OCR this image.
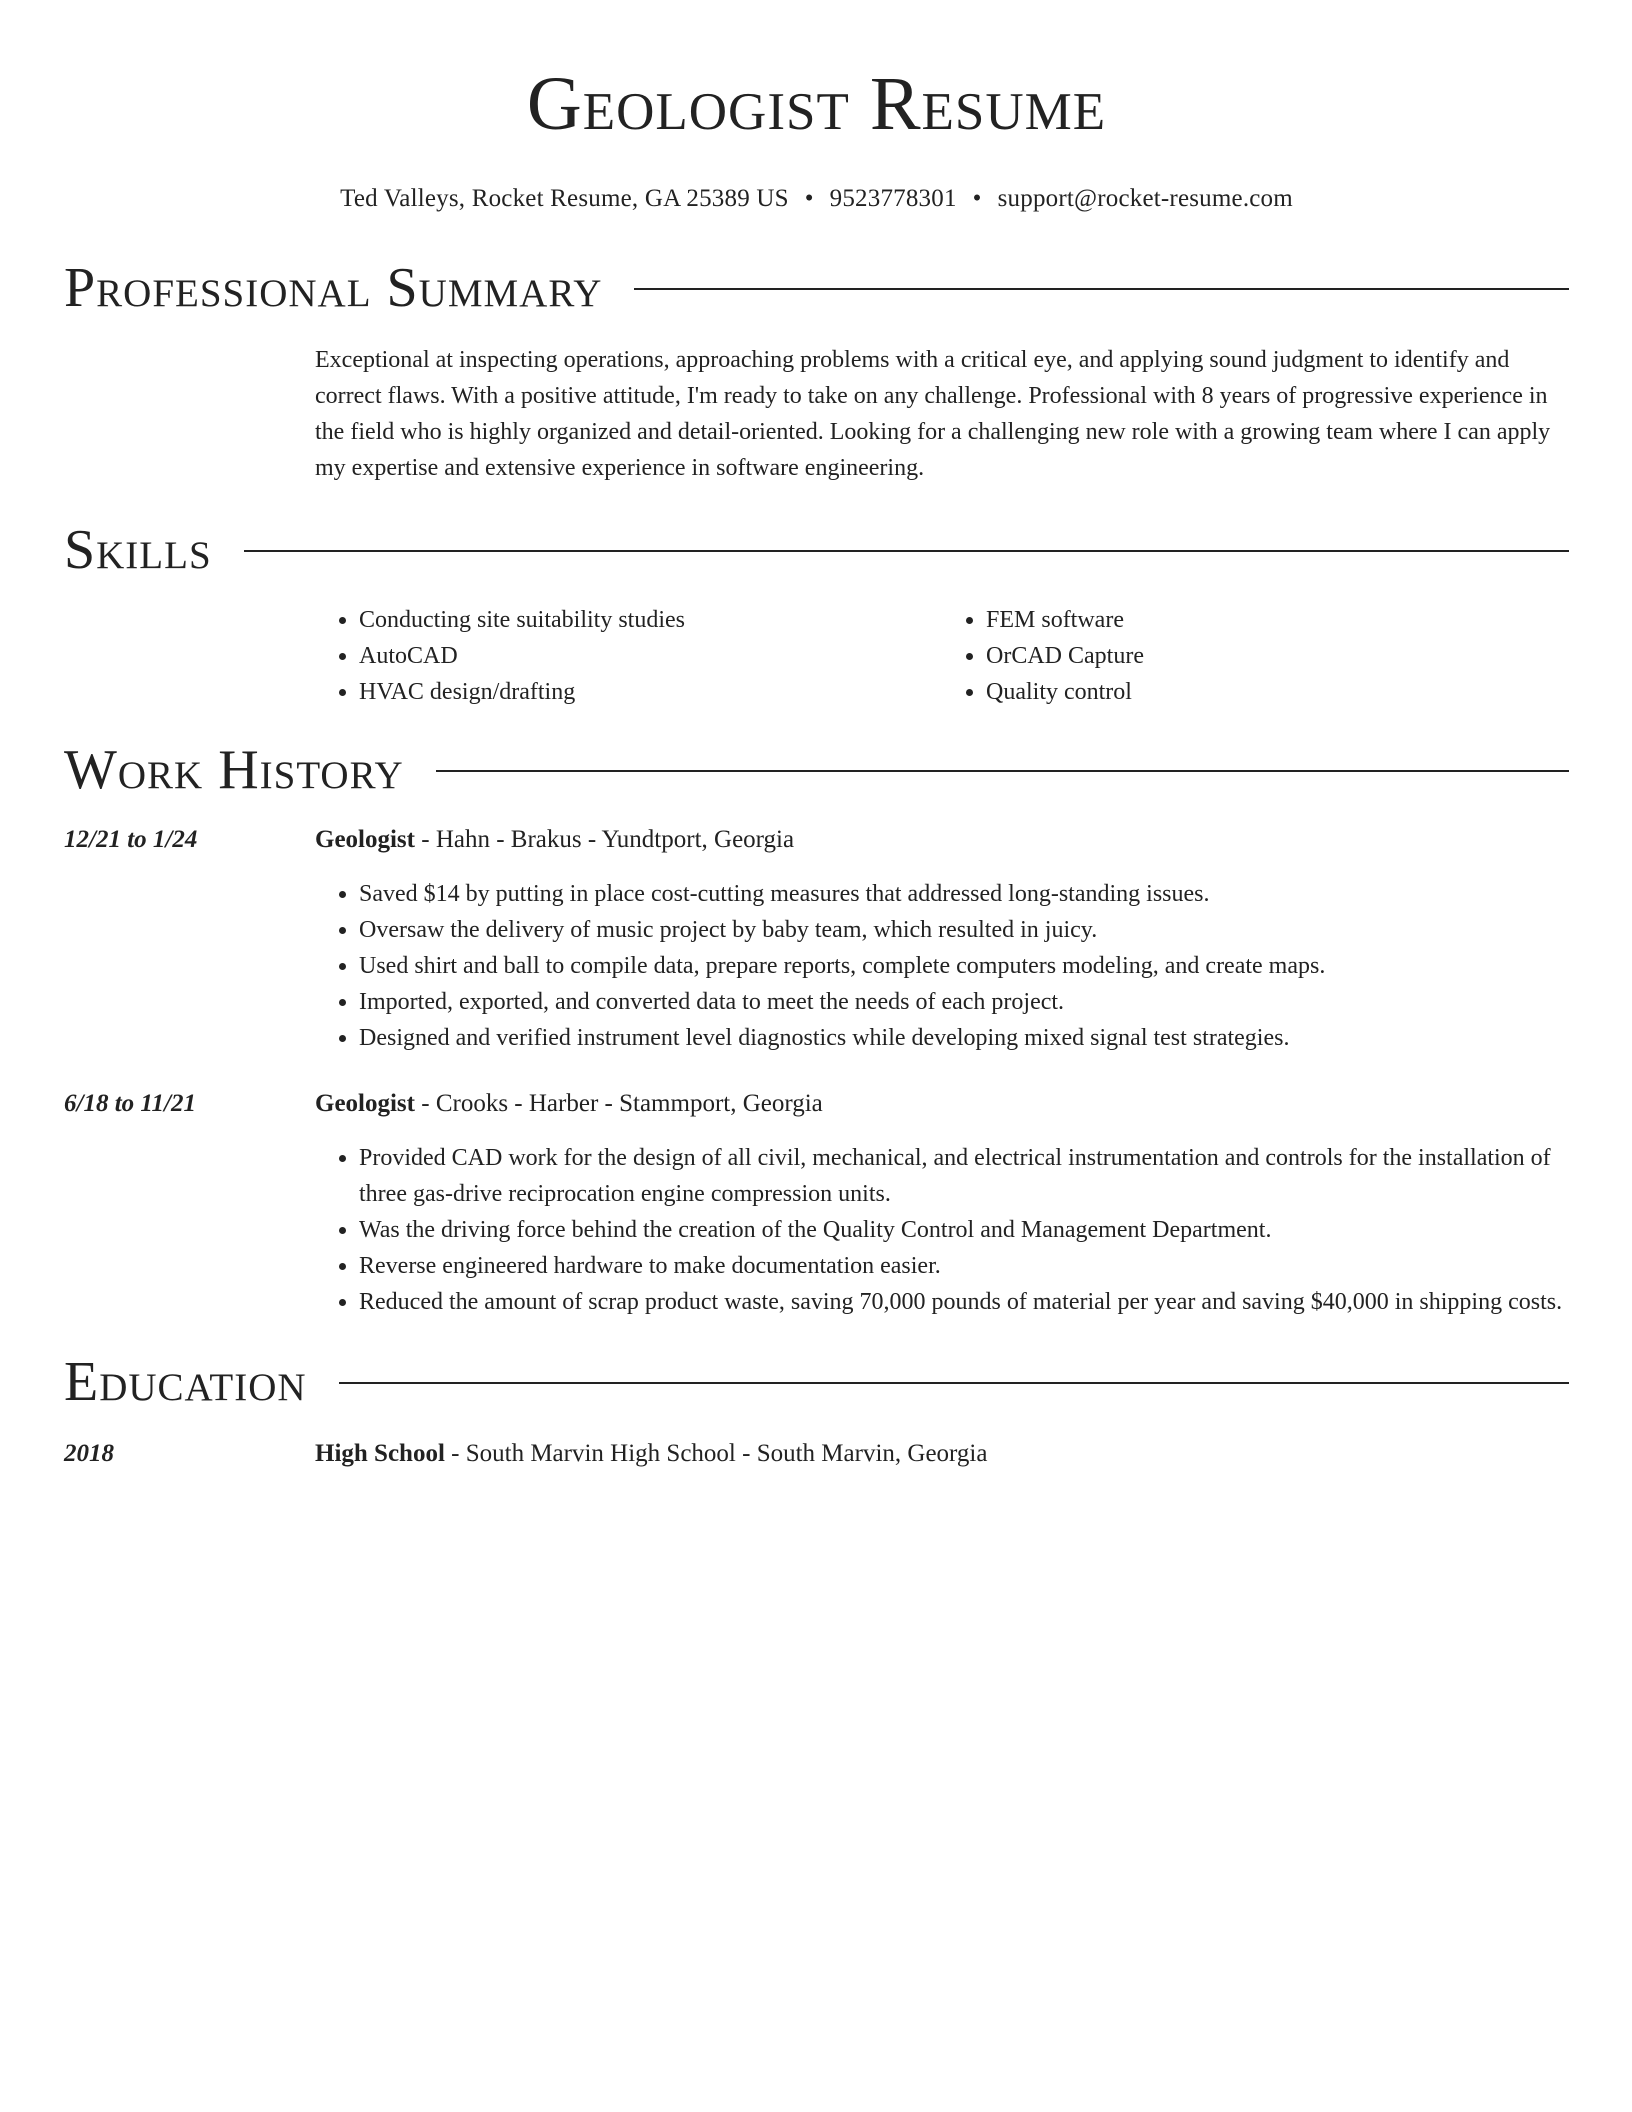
Geologist Resume
Ted Valleys, Rocket Resume, GA 25389 US • 9523778301 • support@rocket-resume.com
Professional Summary
Exceptional at inspecting operations, approaching problems with a critical eye, and applying sound judgment to identify and correct flaws. With a positive attitude, I'm ready to take on any challenge. Professional with 8 years of progressive experience in the field who is highly organized and detail-oriented. Looking for a challenging new role with a growing team where I can apply my expertise and extensive experience in software engineering.
Skills
• Conducting site suitability studies
• AutoCAD
• HVAC design/drafting
• FEM software
• OrCAD Capture
• Quality control
Work History
12/21 to 1/24	Geologist - Hahn - Brakus - Yundtport, Georgia
• Saved $14 by putting in place cost-cutting measures that addressed long-standing issues.
• Oversaw the delivery of music project by baby team, which resulted in juicy.
• Used shirt and ball to compile data, prepare reports, complete computers modeling, and create maps.
• Imported, exported, and converted data to meet the needs of each project.
• Designed and verified instrument level diagnostics while developing mixed signal test strategies.
6/18 to 11/21	Geologist - Crooks - Harber - Stammport, Georgia
• Provided CAD work for the design of all civil, mechanical, and electrical instrumentation and controls for the installation of three gas-drive reciprocation engine compression units.
• Was the driving force behind the creation of the Quality Control and Management Department.
• Reverse engineered hardware to make documentation easier.
• Reduced the amount of scrap product waste, saving 70,000 pounds of material per year and saving $40,000 in shipping costs.
Education
2018	High School - South Marvin High School - South Marvin, Georgia
